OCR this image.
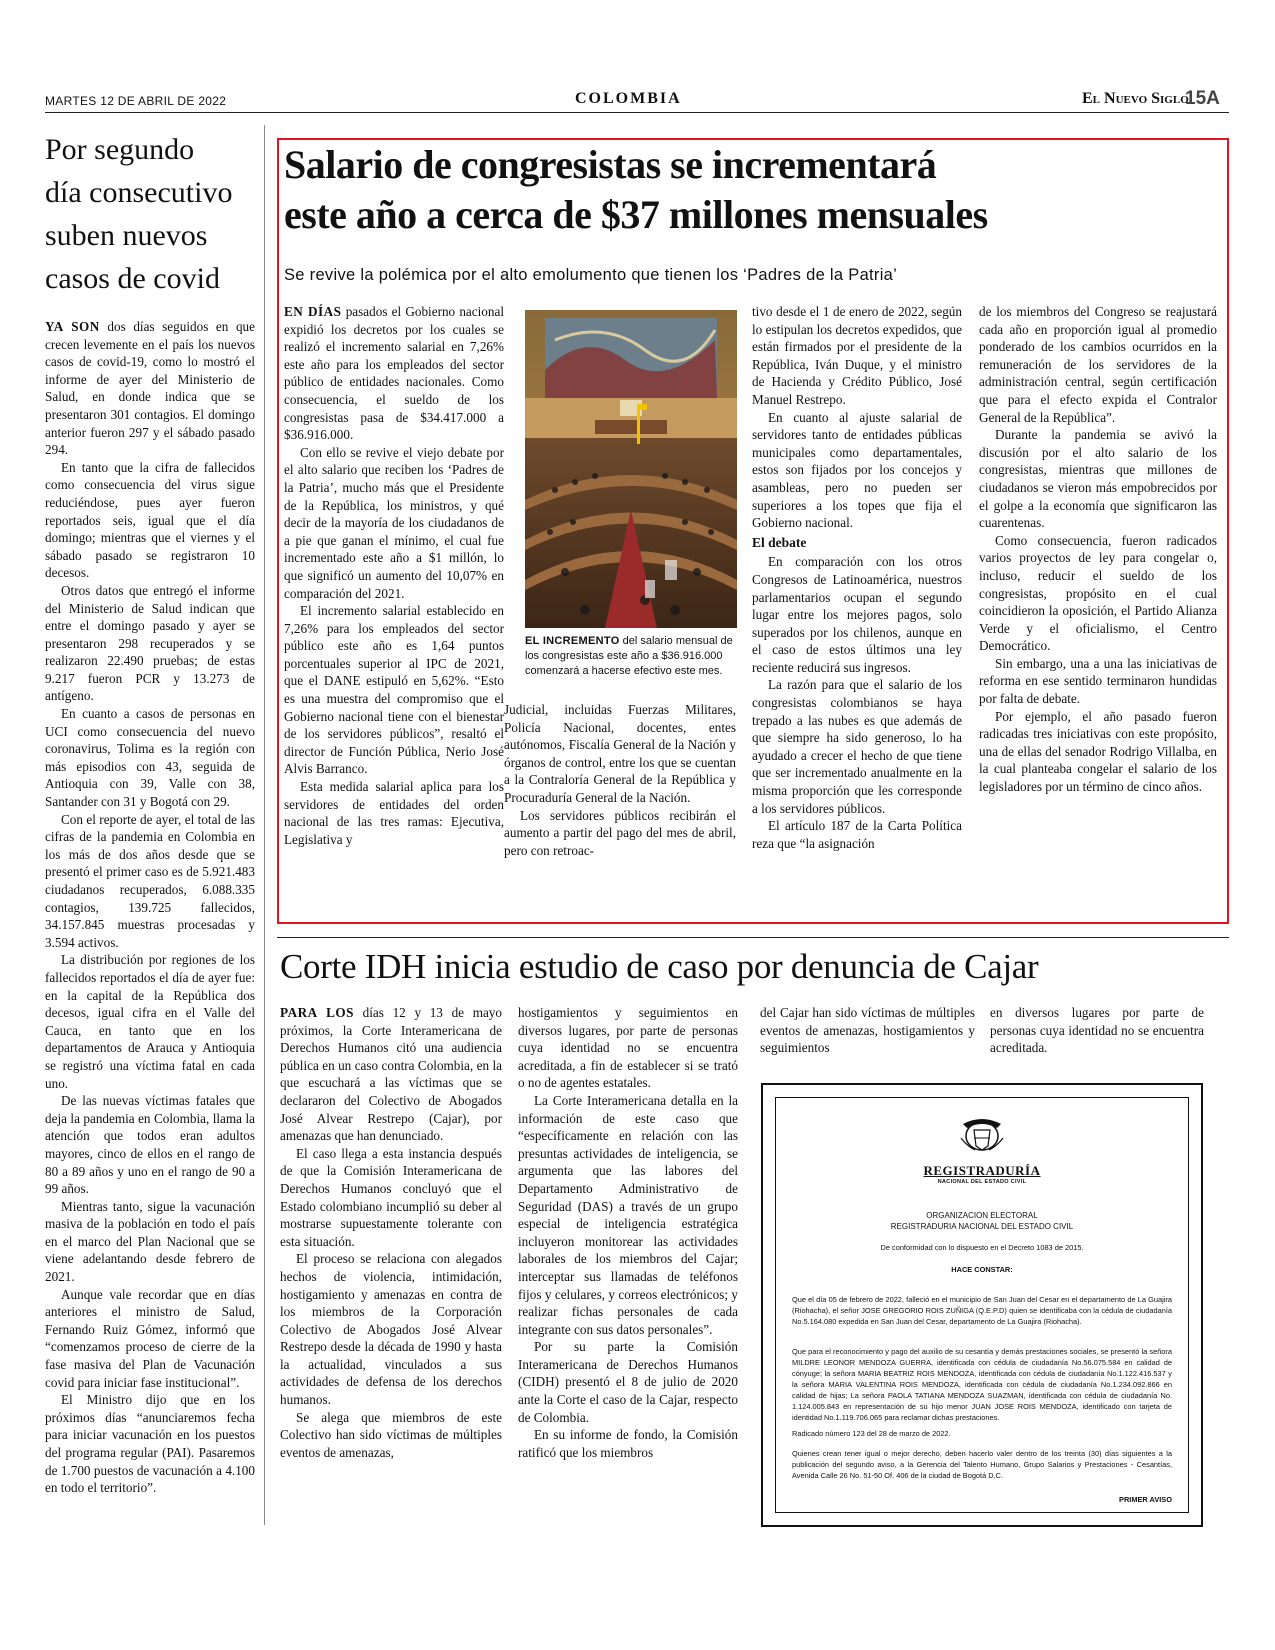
MARTES 12 DE ABRIL DE 2022	COLOMBIA	El Nuevo Siglo
15A
Por segundo
día consecutivo
suben nuevos
casos de covid

YA SON dos días seguidos en que crecen levemente en el país los nuevos casos de covid-19, como lo mostró el informe de ayer del Ministerio de Salud, en donde indica que se presentaron 301 contagios. El domingo anterior fueron 297 y el sábado pasado 294.

En tanto que la cifra de fallecidos como consecuencia del virus sigue reduciéndose, pues ayer fueron reportados seis, igual que el día domingo; mientras que el viernes y el sábado pasado se registraron 10 decesos.

Otros datos que entregó el informe del Ministerio de Salud indican que entre el domingo pasado y ayer se presentaron 298 recuperados y se realizaron 22.490 pruebas; de estas 9.217 fueron PCR y 13.273 de antígeno.

En cuanto a casos de personas en UCI como consecuencia del nuevo coronavirus, Tolima es la región con más episodios con 43, seguida de Antioquia con 39, Valle con 38, Santander con 31 y Bogotá con 29.

Con el reporte de ayer, el total de las cifras de la pandemia en Colombia en los más de dos años desde que se presentó el primer caso es de 5.921.483 ciudadanos recuperados, 6.088.335 contagios, 139.725 fallecidos, 34.157.845 muestras procesadas y 3.594 activos.

La distribución por regiones de los fallecidos reportados el día de ayer fue: en la capital de la República dos decesos, igual cifra en el Valle del Cauca, en tanto que en los departamentos de Arauca y Antioquia se registró una víctima fatal en cada uno.

De las nuevas víctimas fatales que deja la pandemia en Colombia, llama la atención que todos eran adultos mayores, cinco de ellos en el rango de 80 a 89 años y uno en el rango de 90 a 99 años.

Mientras tanto, sigue la vacunación masiva de la población en todo el país en el marco del Plan Nacional que se viene adelantando desde febrero de 2021.

Aunque vale recordar que en días anteriores el ministro de Salud, Fernando Ruiz Gómez, informó que “comenzamos proceso de cierre de la fase masiva del Plan de Vacunación covid para iniciar fase institucional”.

El Ministro dijo que en los próximos días “anunciaremos fecha para iniciar vacunación en los puestos del programa regular (PAI). Pasaremos de 1.700 puestos de vacunación a 4.100 en todo el territorio”.

Salario de congresistas se incrementará
este año a cerca de $37 millones mensuales
Se revive la polémica por el alto emolumento que tienen los ‘Padres de la Patria’

EN DÍAS pasados el Gobierno nacional expidió los decretos por los cuales se realizó el incremento salarial en 7,26% este año para los empleados del sector público de entidades nacionales. Como consecuencia, el sueldo de los congresistas pasa de $34.417.000 a $36.916.000.

Con ello se revive el viejo debate por el alto salario que reciben los ‘Padres de la Patria’, mucho más que el Presidente de la República, los ministros, y qué decir de la mayoría de los ciudadanos de a pie que ganan el mínimo, el cual fue incrementado este año a $1 millón, lo que significó un aumento del 10,07% en comparación del 2021.

El incremento salarial establecido en 7,26% para los empleados del sector público este año es 1,64 puntos porcentuales superior al IPC de 2021, que el DANE estipuló en 5,62%. “Esto es una muestra del compromiso que el Gobierno nacional tiene con el bienestar de los servidores públicos”, resaltó el director de Función Pública, Nerio José Alvis Barranco.

Esta medida salarial aplica para los servidores de entidades del orden nacional de las tres ramas: Ejecutiva, Legislativa y

EL INCREMENTO del salario mensual de los congresistas este año a $36.916.000 comenzará a hacerse efectivo este mes.

Judicial, incluidas Fuerzas Militares, Policía Nacional, docentes, entes autónomos, Fiscalía General de la Nación y órganos de control, entre los que se cuentan a la Contraloría General de la República y Procuraduría General de la Nación.

Los servidores públicos recibirán el aumento a partir del pago del mes de abril, pero con retroac-

tivo desde el 1 de enero de 2022, según lo estipulan los decretos expedidos, que están firmados por el presidente de la República, Iván Duque, y el ministro de Hacienda y Crédito Público, José Manuel Restrepo.

En cuanto al ajuste salarial de servidores tanto de entidades públicas municipales como departamentales, estos son fijados por los concejos y asambleas, pero no pueden ser superiores a los topes que fija el Gobierno nacional.

El debate

En comparación con los otros Congresos de Latinoamérica, nuestros parlamentarios ocupan el segundo lugar entre los mejores pagos, solo superados por los chilenos, aunque en el caso de estos últimos una ley reciente reducirá sus ingresos.

La razón para que el salario de los congresistas colombianos se haya trepado a las nubes es que además de que siempre ha sido generoso, lo ha ayudado a crecer el hecho de que tiene que ser incrementado anualmente en la misma proporción que les corresponde a los servidores públicos.

El artículo 187 de la Carta Política reza que “la asignación

de los miembros del Congreso se reajustará cada año en proporción igual al promedio ponderado de los cambios ocurridos en la remuneración de los servidores de la administración central, según certificación que para el efecto expida el Contralor General de la República”.

Durante la pandemia se avivó la discusión por el alto salario de los congresistas, mientras que millones de ciudadanos se vieron más empobrecidos por el golpe a la economía que significaron las cuarentenas.

Como consecuencia, fueron radicados varios proyectos de ley para congelar o, incluso, reducir el sueldo de los congresistas, propósito en el cual coincidieron la oposición, el Partido Alianza Verde y el oficialismo, el Centro Democrático.

Sin embargo, una a una las iniciativas de reforma en ese sentido terminaron hundidas por falta de debate.

Por ejemplo, el año pasado fueron radicadas tres iniciativas con este propósito, una de ellas del senador Rodrigo Villalba, en la cual planteaba congelar el salario de los legisladores por un término de cinco años.

Corte IDH inicia estudio de caso por denuncia de Cajar

PARA LOS días 12 y 13 de mayo próximos, la Corte Interamericana de Derechos Humanos citó una audiencia pública en un caso contra Colombia, en la que escuchará a las víctimas que se declararon del Colectivo de Abogados José Alvear Restrepo (Cajar), por amenazas que han denunciado.

El caso llega a esta instancia después de que la Comisión Interamericana de Derechos Humanos concluyó que el Estado colombiano incumplió su deber al mostrarse supuestamente tolerante con esta situación.

El proceso se relaciona con alegados hechos de violencia, intimidación, hostigamiento y amenazas en contra de los miembros de la Corporación Colectivo de Abogados José Alvear Restrepo desde la década de 1990 y hasta la actualidad, vinculados a sus actividades de defensa de los derechos humanos.

Se alega que miembros de este Colectivo han sido víctimas de múltiples eventos de amenazas,

hostigamientos y seguimientos en diversos lugares, por parte de personas cuya identidad no se encuentra acreditada, a fin de establecer si se trató o no de agentes estatales.

La Corte Interamericana detalla en la información de este caso que “específicamente en relación con las presuntas actividades de inteligencia, se argumenta que las labores del Departamento Administrativo de Seguridad (DAS) a través de un grupo especial de inteligencia estratégica incluyeron monitorear las actividades laborales de los miembros del Cajar; interceptar sus llamadas de teléfonos fijos y celulares, y correos electrónicos; y realizar fichas personales de cada integrante con sus datos personales”.

Por su parte la Comisión Interamericana de Derechos Humanos (CIDH) presentó el 8 de julio de 2020 ante la Corte el caso de la Cajar, respecto de Colombia.

En su informe de fondo, la Comisión ratificó que los miembros

del Cajar han sido víctimas de múltiples eventos de amenazas, hostigamientos y seguimientos

en diversos lugares por parte de personas cuya identidad no se encuentra acreditada.

REGISTRADURÍA
NACIONAL DEL ESTADO CIVIL
ORGANIZACION ELECTORAL
REGISTRADURIA NACIONAL DEL ESTADO CIVIL
De conformidad con lo dispuesto en el Decreto 1083 de 2015.
HACE CONSTAR:
Que el día 05 de febrero de 2022, falleció en el municipio de San Juan del Cesar en el departamento de La Guajira (Riohacha), el señor JOSE GREGORIO ROIS ZUÑIGA (Q.E.P.D) quien se identificaba con la cédula de ciudadanía No.5.164.080 expedida en San Juan del Cesar, departamento de La Guajira (Riohacha).
Que para el reconocimiento y pago del auxilio de su cesantía y demás prestaciones sociales, se presentó la señora MILDRE LEONOR MENDOZA GUERRA, identificada con cédula de ciudadanía No.56.075.584 en calidad de cónyuge; la señora MARIA BEATRIZ ROIS MENDOZA, identificada con cédula de ciudadanía No.1.122.416.537 y la señora MARIA VALENTINA ROIS MENDOZA, identificada con cédula de ciudadanía No.1.234.092.866 en calidad de hijas; La señora PAOLA TATIANA MENDOZA SUAZMAN, identificada con cédula de ciudadanía No. 1.124.005.843 en representación de su hijo menor JUAN JOSE ROIS MENDOZA, identificado con tarjeta de identidad No.1.119.706.065 para reclamar dichas prestaciones.
Radicado número 123 del 28 de marzo de 2022.
Quienes crean tener igual o mejor derecho, deben hacerlo valer dentro de los treinta (30) días siguientes a la publicación del segundo aviso, a la Gerencia del Talento Humano, Grupo Salarios y Prestaciones - Cesantías, Avenida Calle 26 No. 51-50 Of. 406 de la ciudad de Bogotá D.C.
PRIMER AVISO
